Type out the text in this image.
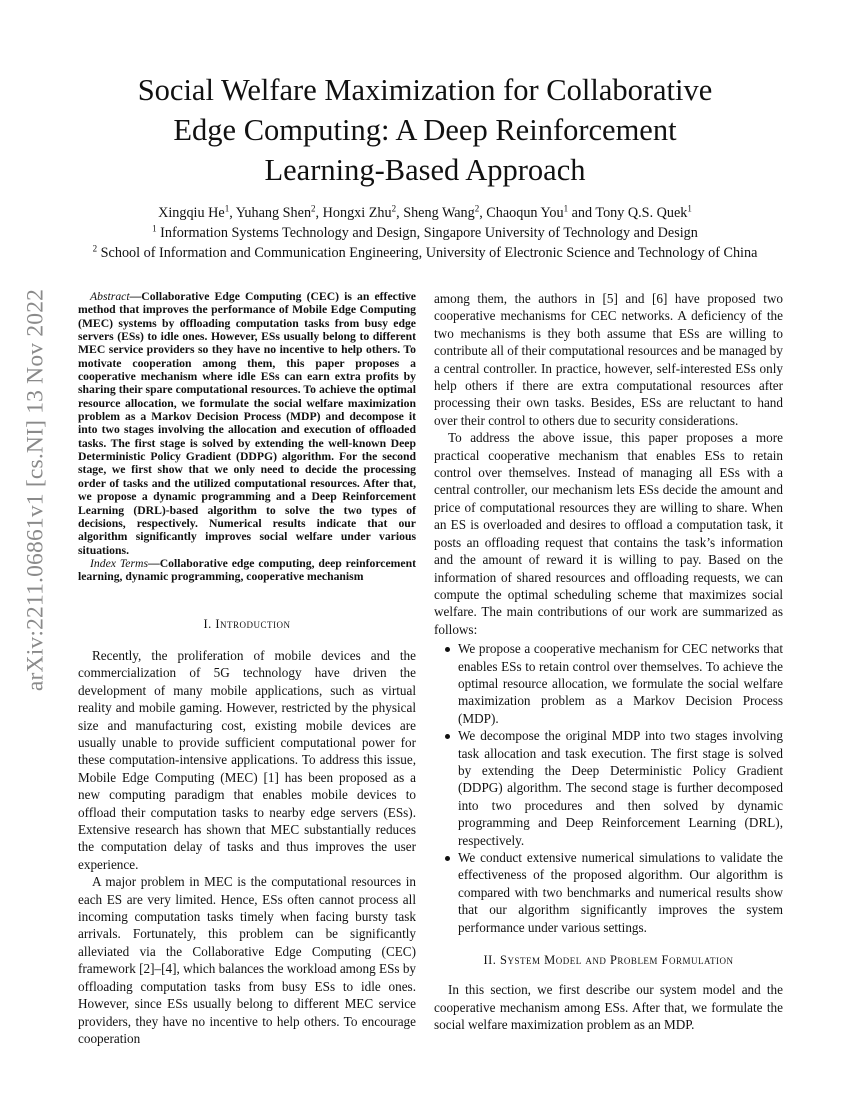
arXiv:2211.06861v1 [cs.NI] 13 Nov 2022
Social Welfare Maximization for Collaborative
Edge Computing: A Deep Reinforcement
Learning-Based Approach
Xingqiu He$^1$, Yuhang Shen$^2$, Hongxi Zhu$^2$, Sheng Wang$^2$, Chaoqun You$^1$ and Tony Q.S. Quek$^1$
$^1$ Information Systems Technology and Design, Singapore University of Technology and Design
$^2$ School of Information and Communication Engineering, University of Electronic Science and Technology of China

Abstract—Collaborative Edge Computing (CEC) is an effective method that improves the performance of Mobile Edge Computing (MEC) systems by offloading computation tasks from busy edge servers (ESs) to idle ones. However, ESs usually belong to different MEC service providers so they have no incentive to help others. To motivate cooperation among them, this paper proposes a cooperative mechanism where idle ESs can earn extra profits by sharing their spare computational resources. To achieve the optimal resource allocation, we formulate the social welfare maximization problem as a Markov Decision Process (MDP) and decompose it into two stages involving the allocation and execution of offloaded tasks. The first stage is solved by extending the well-known Deep Deterministic Policy Gradient (DDPG) algorithm. For the second stage, we first show that we only need to decide the processing order of tasks and the utilized computational resources. After that, we propose a dynamic programming and a Deep Reinforcement Learning (DRL)-based algorithm to solve the two types of decisions, respectively. Numerical results indicate that our algorithm significantly improves social welfare under various situations.

Index Terms—Collaborative edge computing, deep reinforcement learning, dynamic programming, cooperative mechanism

I. Introduction

Recently, the proliferation of mobile devices and the commercialization of 5G technology have driven the development of many mobile applications, such as virtual reality and mobile gaming. However, restricted by the physical size and manufacturing cost, existing mobile devices are usually unable to provide sufficient computational power for these computation-intensive applications. To address this issue, Mobile Edge Computing (MEC) [1] has been proposed as a new computing paradigm that enables mobile devices to offload their computation tasks to nearby edge servers (ESs). Extensive research has shown that MEC substantially reduces the computation delay of tasks and thus improves the user experience.

A major problem in MEC is the computational resources in each ES are very limited. Hence, ESs often cannot process all incoming computation tasks timely when facing bursty task arrivals. Fortunately, this problem can be significantly alleviated via the Collaborative Edge Computing (CEC) framework [2]–[4], which balances the workload among ESs by offloading computation tasks from busy ESs to idle ones. However, since ESs usually belong to different MEC service providers, they have no incentive to help others. To encourage cooperation

among them, the authors in [5] and [6] have proposed two cooperative mechanisms for CEC networks. A deficiency of the two mechanisms is they both assume that ESs are willing to contribute all of their computational resources and be managed by a central controller. In practice, however, self-interested ESs only help others if there are extra computational resources after processing their own tasks. Besides, ESs are reluctant to hand over their control to others due to security considerations.

To address the above issue, this paper proposes a more practical cooperative mechanism that enables ESs to retain control over themselves. Instead of managing all ESs with a central controller, our mechanism lets ESs decide the amount and price of computational resources they are willing to share. When an ES is overloaded and desires to offload a computation task, it posts an offloading request that contains the task’s information and the amount of reward it is willing to pay. Based on the information of shared resources and offloading requests, we can compute the optimal scheduling scheme that maximizes social welfare. The main contributions of our work are summarized as follows:

We propose a cooperative mechanism for CEC networks that enables ESs to retain control over themselves. To achieve the optimal resource allocation, we formulate the social welfare maximization problem as a Markov Decision Process (MDP).
We decompose the original MDP into two stages involving task allocation and task execution. The first stage is solved by extending the Deep Deterministic Policy Gradient (DDPG) algorithm. The second stage is further decomposed into two procedures and then solved by dynamic programming and Deep Reinforcement Learning (DRL), respectively.
We conduct extensive numerical simulations to validate the effectiveness of the proposed algorithm. Our algorithm is compared with two benchmarks and numerical results show that our algorithm significantly improves the system performance under various settings.
II. System Model and Problem Formulation

In this section, we first describe our system model and the cooperative mechanism among ESs. After that, we formulate the social welfare maximization problem as an MDP.
